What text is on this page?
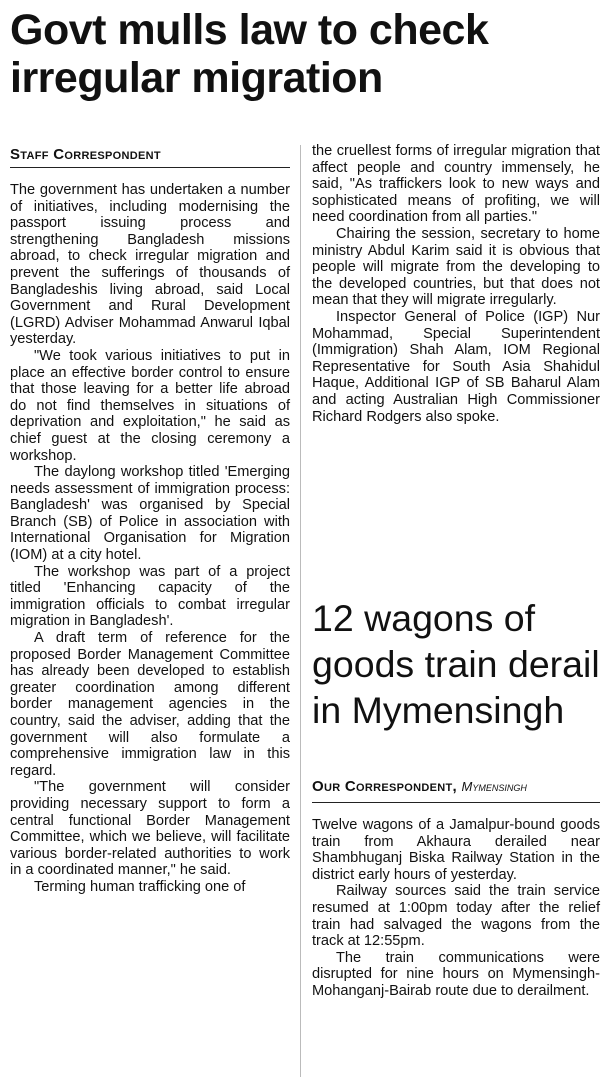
Govt mulls law to check irregular migration
Staff Correspondent

The government has undertaken a number of initiatives, including modernising the passport issuing process and strengthening Bangladesh missions abroad, to check irregular migration and prevent the sufferings of thousands of Bangladeshis living abroad, said Local Government and Rural Development (LGRD) Adviser Mohammad Anwarul Iqbal yesterday.

"We took various initiatives to put in place an effective border control to ensure that those leaving for a better life abroad do not find themselves in situations of deprivation and exploitation," he said as chief guest at the closing ceremony a workshop.

The daylong workshop titled 'Emerging needs assessment of immigration process: Bangladesh' was organised by Special Branch (SB) of Police in association with International Organisation for Migration (IOM) at a city hotel.

The workshop was part of a project titled 'Enhancing capacity of the immigration officials to combat irregular migration in Bangladesh'.

A draft term of reference for the proposed Border Management Committee has already been developed to establish greater coordination among different border management agencies in the country, said the adviser, adding that the government will also formulate a comprehensive immigration law in this regard.

"The government will consider providing necessary support to form a central functional Border Management Committee, which we believe, will facilitate various border-related authorities to work in a coordinated manner," he said.

Terming human trafficking one of

the cruellest forms of irregular migration that affect people and country immensely, he said, "As traffickers look to new ways and sophisticated means of profiting, we will need coordination from all parties."

Chairing the session, secretary to home ministry Abdul Karim said it is obvious that people will migrate from the developing to the developed countries, but that does not mean that they will migrate irregularly.

Inspector General of Police (IGP) Nur Mohammad, Special Superintendent (Immigration) Shah Alam, IOM Regional Representative for South Asia Shahidul Haque, Additional IGP of SB Baharul Alam and acting Australian High Commissioner Richard Rodgers also spoke.

12 wagons of goods train derail in Mymensingh
Our Correspondent, Mymensingh

Twelve wagons of a Jamalpur-bound goods train from Akhaura derailed near Shambhuganj Biska Railway Station in the district early hours of yesterday.

Railway sources said the train service resumed at 1:00pm today after the relief train had salvaged the wagons from the track at 12:55pm.

The train communications were disrupted for nine hours on Mymensingh-Mohanganj-Bairab route due to derailment.
